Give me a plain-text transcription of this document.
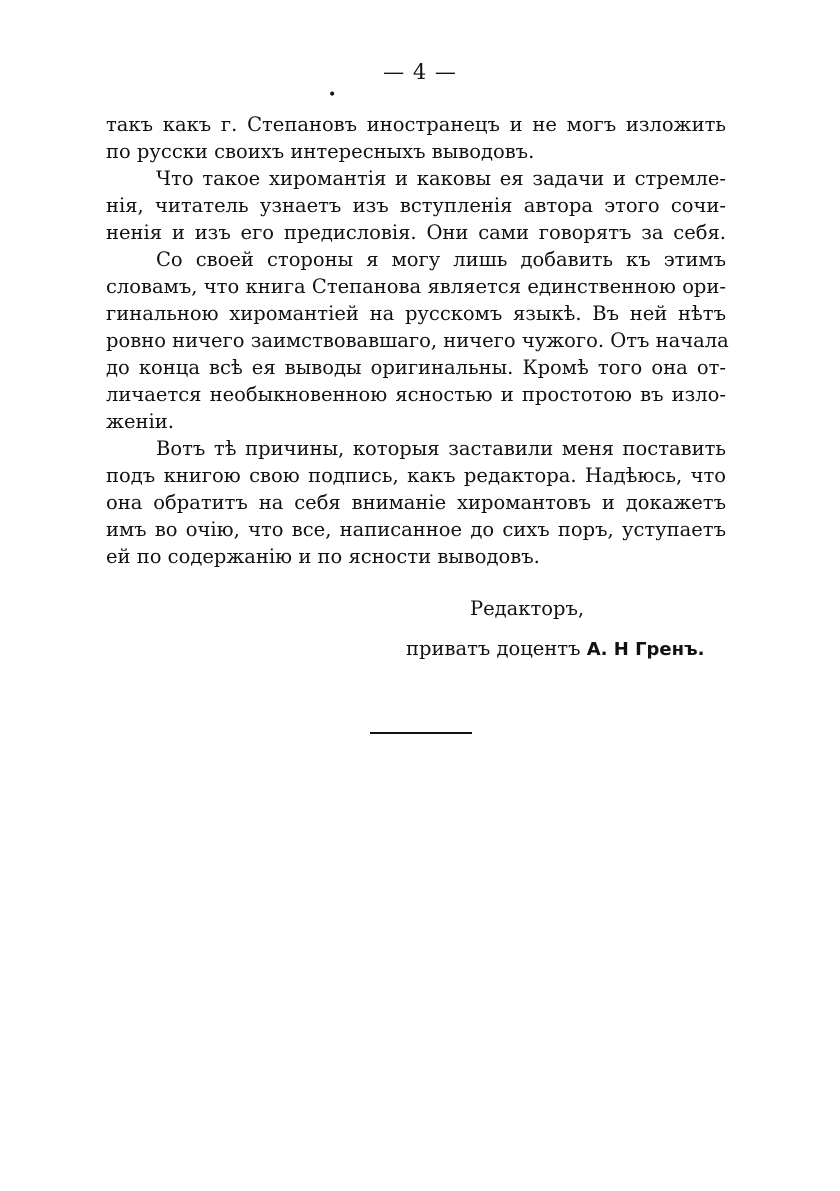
— 4 —
•
такъ какъ г. Степановъ иностранецъ и не могъ изложить
по русски своихъ интересныхъ выводовъ.
Что такое хиромантія и каковы ея задачи и стремле-
нія, читатель узнаетъ изъ вступленія автора этого сочи-
ненія и изъ его предисловія. Они сами говорятъ за себя.
Со своей стороны я могу лишь добавить къ этимъ
словамъ, что книга Степанова является единственною ори-
гинальною хиромантіей на русскомъ языкѣ. Въ ней нѣтъ
ровно ничего заимствовавшаго, ничего чужого. Отъ начала
до конца всѣ ея выводы оригинальны. Кромѣ того она от-
личается необыкновенною ясностью и простотою въ изло-
женіи.
Вотъ тѣ причины, которыя заставили меня поставить
подъ книгою свою подпись, какъ редактора. Надѣюсь, что
она обратитъ на себя вниманіе хиромантовъ и докажетъ
имъ во очію, что все, написанное до сихъ поръ, уступаетъ
ей по содержанію и по ясности выводовъ.
Редакторъ,
приватъ доцентъ А. Н Гренъ.
